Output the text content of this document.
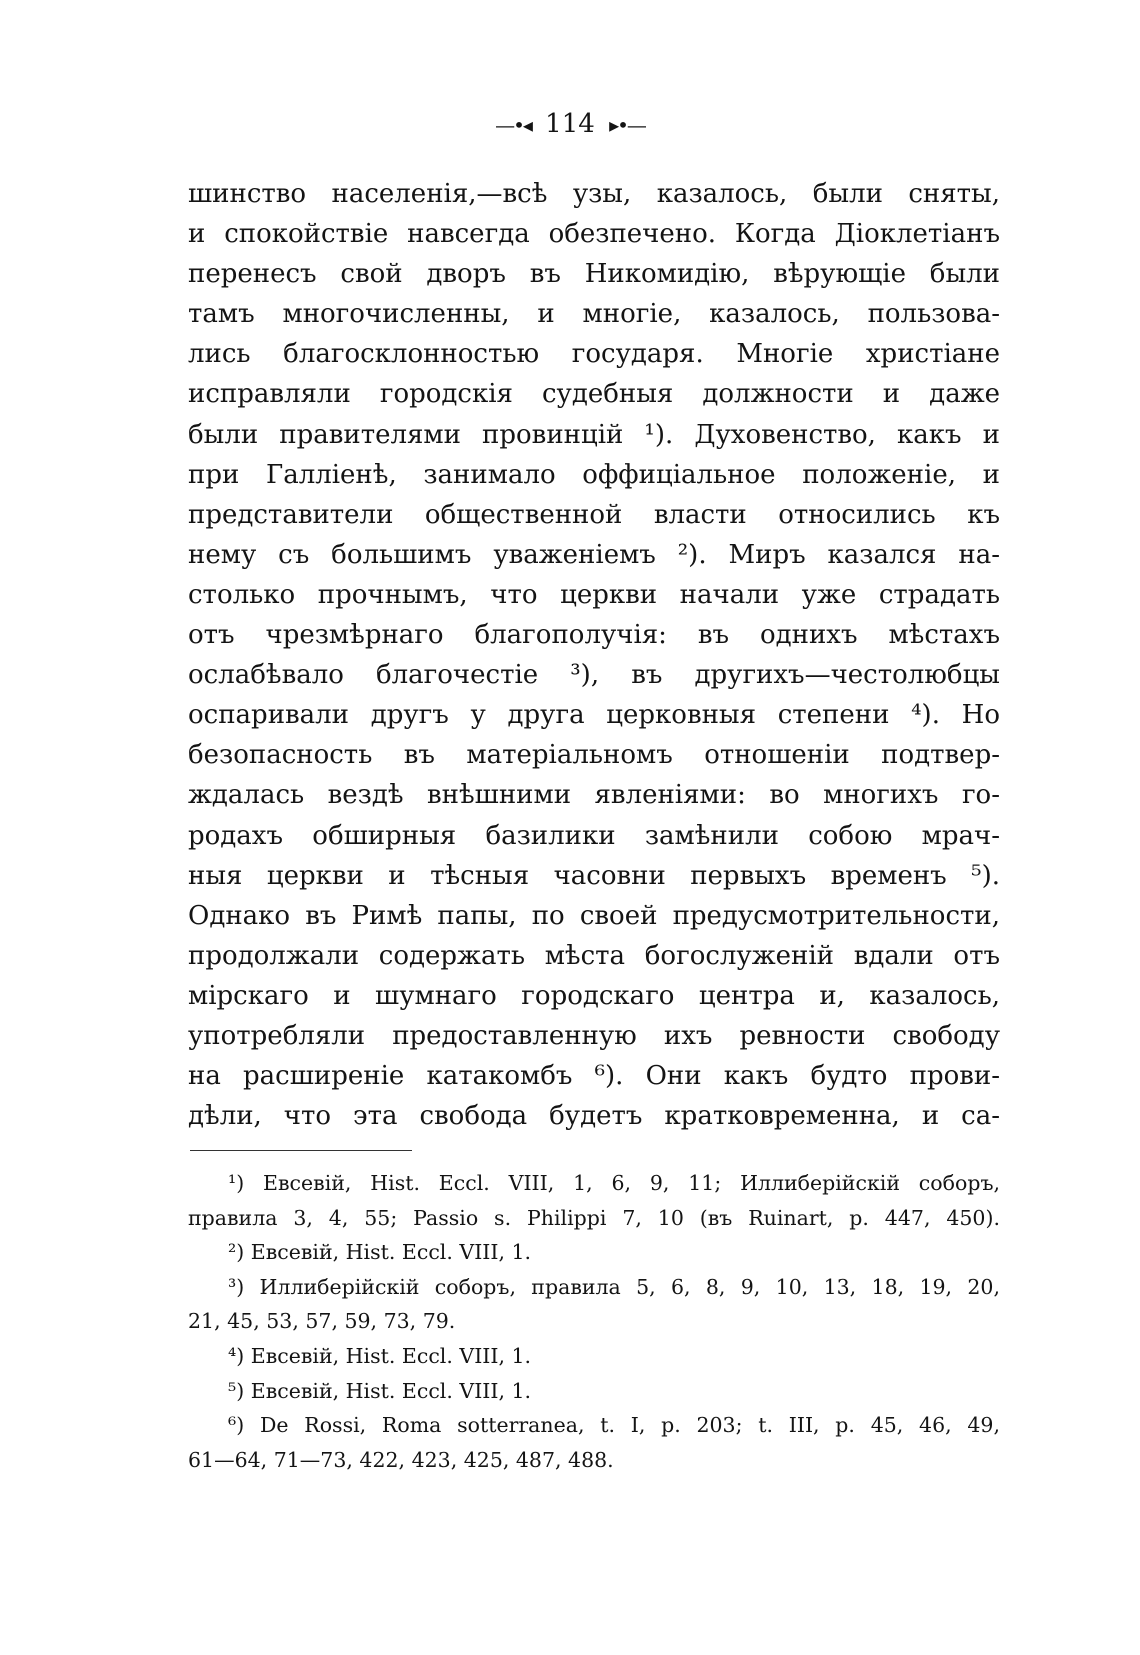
—•◂ 114 ▸•—
шинство населенія,—всѣ узы, казалось, были сняты,
и спокойствіе навсегда обезпечено. Когда Діоклетіанъ
перенесъ свой дворъ въ Никомидію, вѣрующіе были
тамъ многочисленны, и многіе, казалось, пользова-
лись благосклонностью государя. Многіе христіане
исправляли городскія судебныя должности и даже
были правителями провинцій ¹). Духовенство, какъ и
при Галліенѣ, занимало оффиціальное положеніе, и
представители общественной власти относились къ
нему съ большимъ уваженіемъ ²). Миръ казался на-
столько прочнымъ, что церкви начали уже страдать
отъ чрезмѣрнаго благополучія: въ однихъ мѣстахъ
ослабѣвало благочестіе ³), въ другихъ—честолюбцы
оспаривали другъ у друга церковныя степени ⁴). Но
безопасность въ матеріальномъ отношеніи подтвер-
ждалась вездѣ внѣшними явленіями: во многихъ го-
родахъ обширныя базилики замѣнили собою мрач-
ныя церкви и тѣсныя часовни первыхъ временъ ⁵).
Однако въ Римѣ папы, по своей предусмотрительности,
продолжали содержать мѣста богослуженій вдали отъ
мірскаго и шумнаго городскаго центра и, казалось,
употребляли предоставленную ихъ ревности свободу
на расширеніе катакомбъ ⁶). Они какъ будто прови-
дѣли, что эта свобода будетъ кратковременна, и са-
¹) Евсевій, Hist. Eccl. VIII, 1, 6, 9, 11; Иллиберійскій соборъ,
правила 3, 4, 55; Passio s. Philippi 7, 10 (въ Ruinart, p. 447, 450).
²) Евсевій, Hist. Eccl. VIII, 1.
³) Иллиберійскій соборъ, правила 5, 6, 8, 9, 10, 13, 18, 19, 20,
21, 45, 53, 57, 59, 73, 79.
⁴) Евсевій, Hist. Eccl. VIII, 1.
⁵) Евсевій, Hist. Eccl. VIII, 1.
⁶) De Rossi, Roma sotterranea, t. I, p. 203; t. III, p. 45, 46, 49,
61—64, 71—73, 422, 423, 425, 487, 488.
